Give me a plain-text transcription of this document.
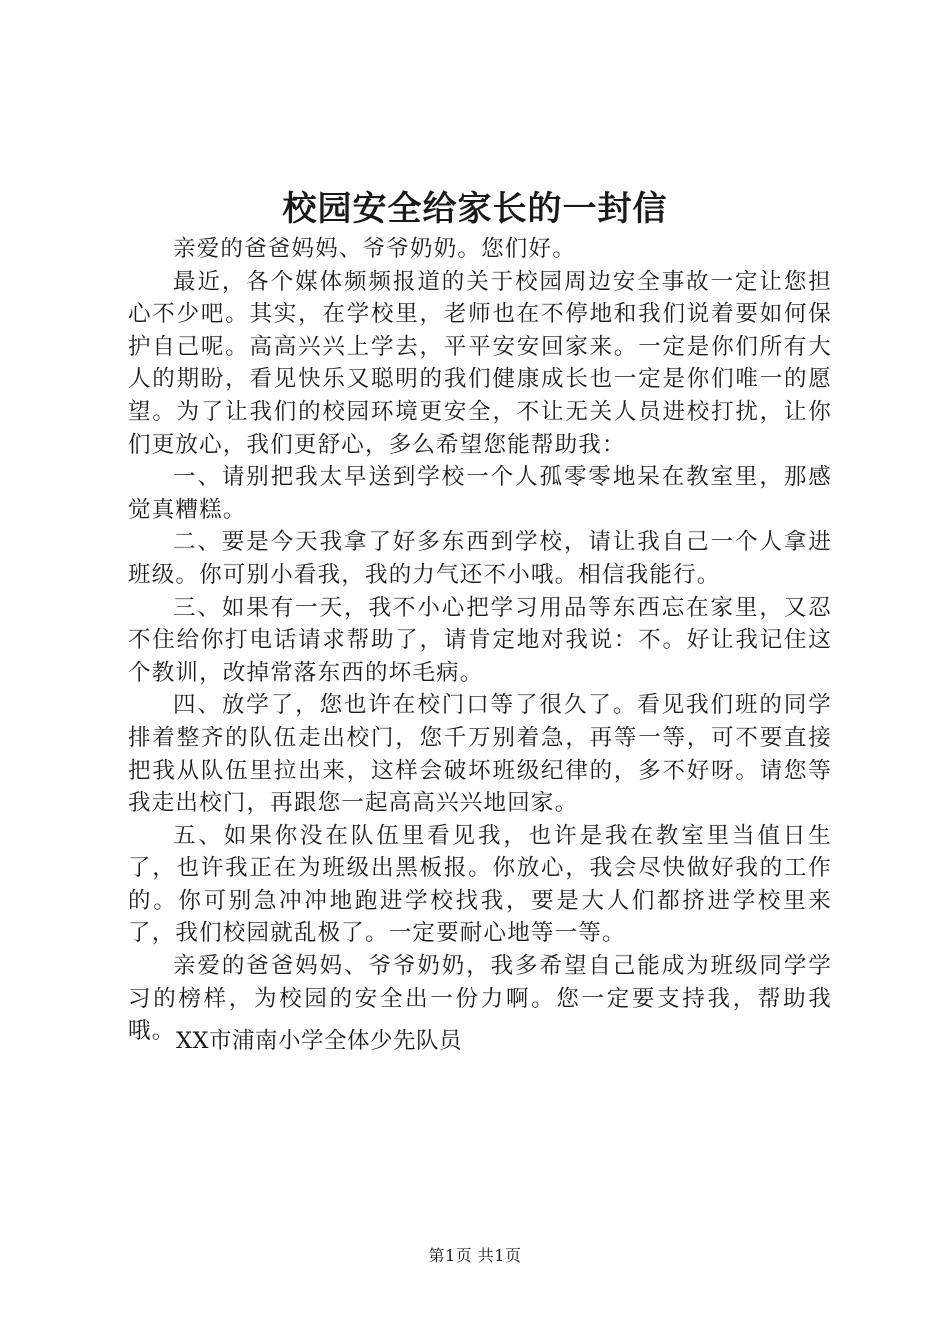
校园安全给家长的一封信

亲爱的爸爸妈妈、爷爷奶奶。您们好。

最近，各个媒体频频报道的关于校园周边安全事故一定让您担心不少吧。其实，在学校里，老师也在不停地和我们说着要如何保护自己呢。高高兴兴上学去，平平安安回家来。一定是你们所有大人的期盼，看见快乐又聪明的我们健康成长也一定是你们唯一的愿望。为了让我们的校园环境更安全，不让无关人员进校打扰，让你们更放心，我们更舒心，多么希望您能帮助我：

一、请别把我太早送到学校一个人孤零零地呆在教室里，那感觉真糟糕。

二、要是今天我拿了好多东西到学校，请让我自己一个人拿进班级。你可别小看我，我的力气还不小哦。相信我能行。

三、如果有一天，我不小心把学习用品等东西忘在家里，又忍不住给你打电话请求帮助了，请肯定地对我说：不。好让我记住这个教训，改掉常落东西的坏毛病。

四、放学了，您也许在校门口等了很久了。看见我们班的同学排着整齐的队伍走出校门，您千万别着急，再等一等，可不要直接把我从队伍里拉出来，这样会破坏班级纪律的，多不好呀。请您等我走出校门，再跟您一起高高兴兴地回家。

五、如果你没在队伍里看见我，也许是我在教室里当值日生了，也许我正在为班级出黑板报。你放心，我会尽快做好我的工作的。你可别急冲冲地跑进学校找我，要是大人们都挤进学校里来了，我们校园就乱极了。一定要耐心地等一等。

亲爱的爸爸妈妈、爷爷奶奶，我多希望自己能成为班级同学学习的榜样，为校园的安全出一份力啊。您一定要支持我，帮助我哦。 XX市浦南小学全体少先队员
第1页 共1页
